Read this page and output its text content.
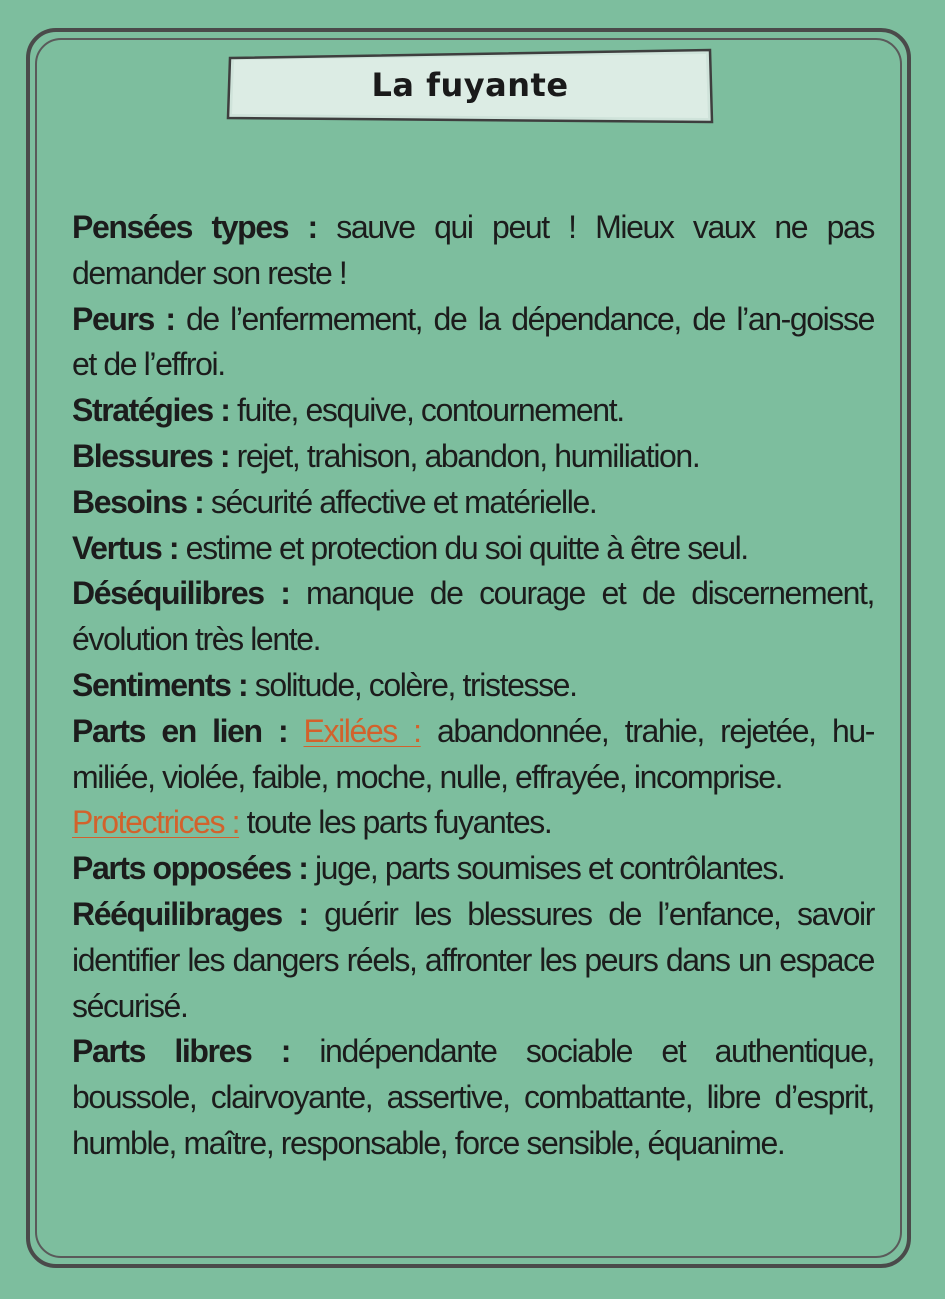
La fuyante

Pensées types : sauve qui peut ! Mieux vaux ne pas demander son reste !

Peurs : de l’enfermement, de la dépendance, de l’an-goisse et de l’effroi.

Stratégies : fuite, esquive, contournement.

Blessures : rejet, trahison, abandon, humiliation.

Besoins : sécurité affective et matérielle.

Vertus : estime et protection du soi quitte à être seul.

Déséquilibres : manque de courage et de discernement, évolution très lente.

Sentiments : solitude, colère, tristesse.

Parts en lien : Exilées : abandonnée, trahie, rejetée, hu-miliée, violée, faible, moche, nulle, effrayée, incomprise.

Protectrices : toute les parts fuyantes.

Parts opposées : juge, parts soumises et contrôlantes.

Rééquilibrages : guérir les blessures de l’enfance, savoir identifier les dangers réels, affronter les peurs dans un espace sécurisé.

Parts libres : indépendante sociable et authentique, boussole, clairvoyante, assertive, combattante, libre d’esprit, humble, maître, responsable, force sensible, équanime.
